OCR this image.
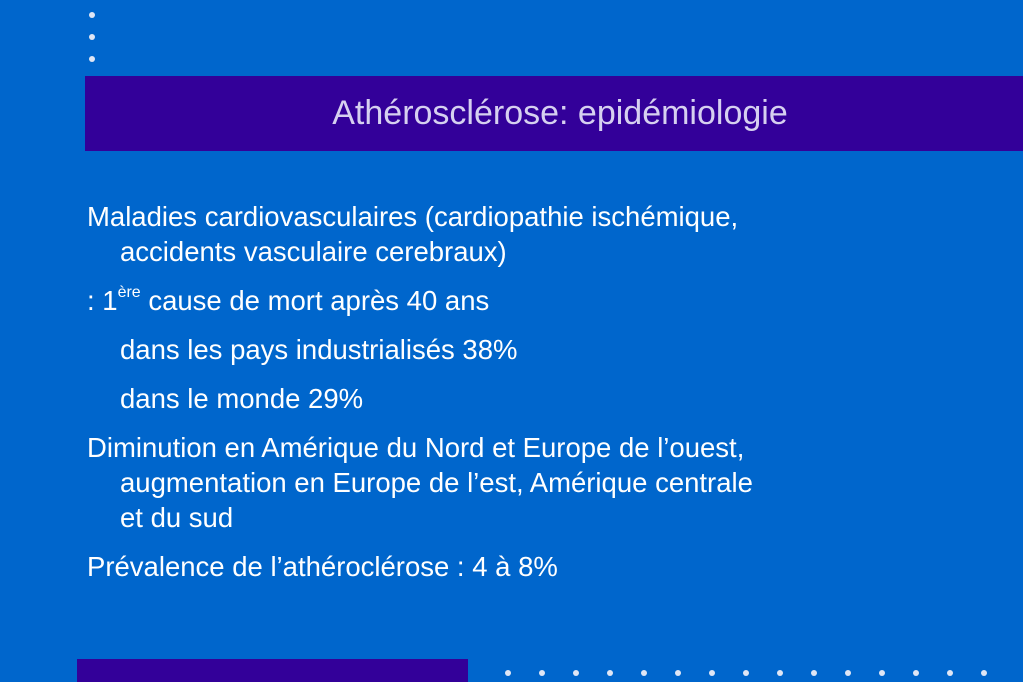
Athérosclérose: epidémiologie

Maladies cardiovasculaires (cardiopathie ischémique,
accidents vasculaire cerebraux)

: 1ère cause de mort après 40 ans

dans les pays industrialisés 38%

dans le monde 29%

Diminution en Amérique du Nord et Europe de l’ouest,
augmentation en Europe de l’est, Amérique centrale
et du sud

Prévalence de l’athéroclérose : 4 à 8%
